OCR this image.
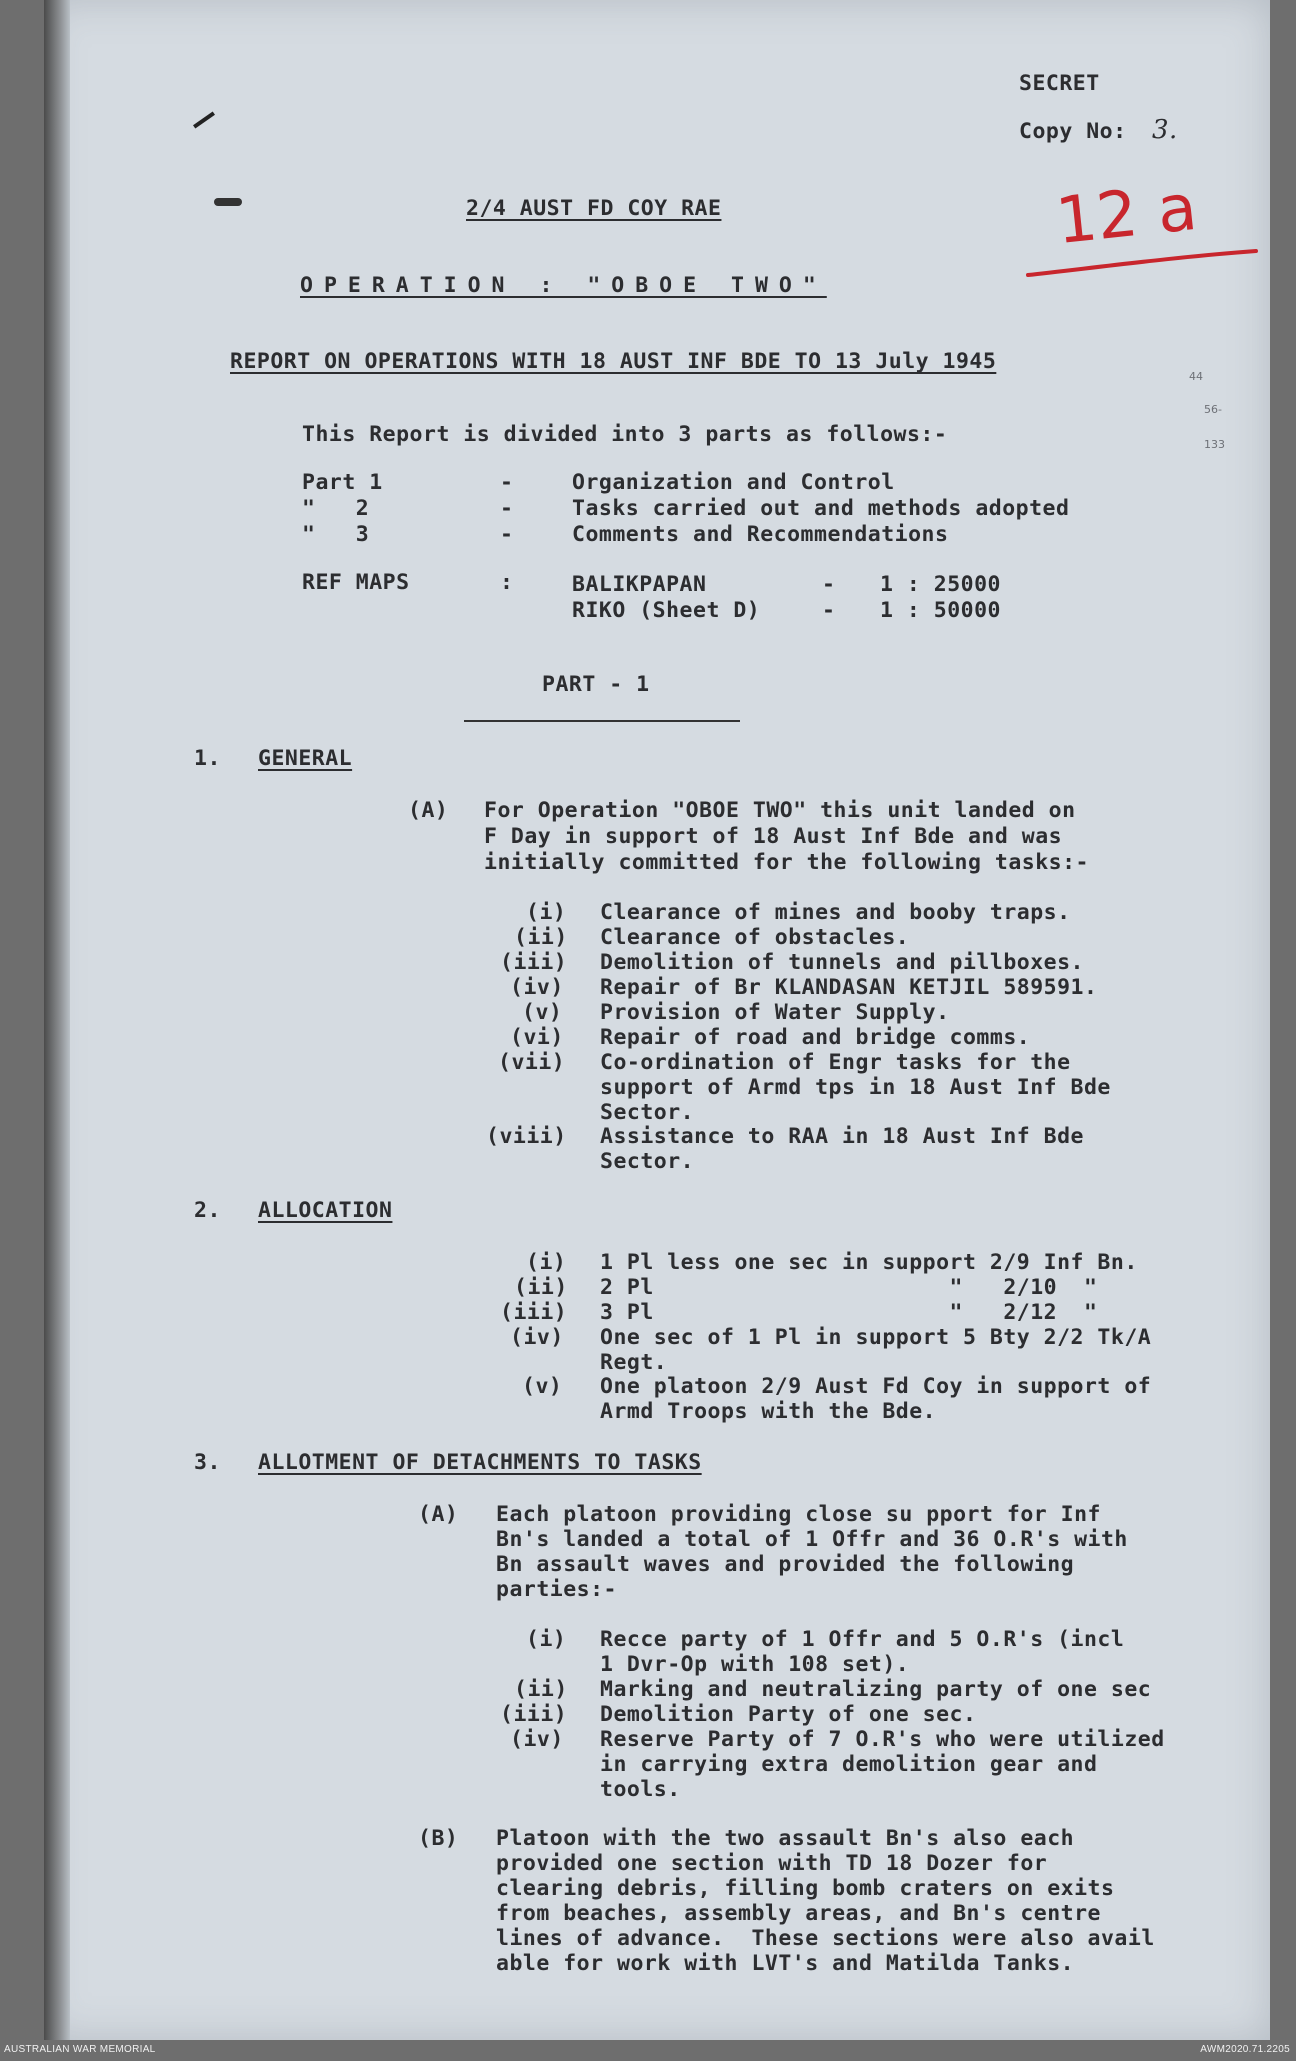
SECRET
Copy No: 3.
12 a
44
56-
133
2/4 AUST FD COY RAE
OPERATION : "OBOE TWO"
REPORT ON OPERATIONS WITH 18 AUST INF BDE TO 13 July 1945
This Report is divided into 3 parts as follows:-
Part 1	-	Organization and Control
"   2	-	Tasks carried out and methods adopted
"   3	-	Comments and Recommendations
REF MAPS	:	BALIKPAPAN	- 1 : 25000
RIKO (Sheet D)	- 1 : 50000
PART - 1
1. GENERAL
(A) For Operation "OBOE TWO" this unit landed on
F Day in support of 18 Aust Inf Bde and was
initially committed for the following tasks:-
(i) Clearance of mines and booby traps.
(ii) Clearance of obstacles.
(iii) Demolition of tunnels and pillboxes.
(iv) Repair of Br KLANDASAN KETJIL 589591.
(v) Provision of Water Supply.
(vi) Repair of road and bridge comms.
(vii) Co-ordination of Engr tasks for the
support of Armd tps in 18 Aust Inf Bde
Sector.
(viii) Assistance to RAA in 18 Aust Inf Bde
Sector.
2. ALLOCATION
(i) 1 Pl less one sec in support 2/9 Inf Bn.
(ii) 2 Pl                      "   2/10  "
(iii) 3 Pl                      "   2/12  "
(iv) One sec of 1 Pl in support 5 Bty 2/2 Tk/A
Regt.
(v) One platoon 2/9 Aust Fd Coy in support of
Armd Troops with the Bde.
3. ALLOTMENT OF DETACHMENTS TO TASKS
(A) Each platoon providing close su pport for Inf
Bn's landed a total of 1 Offr and 36 O.R's with
Bn assault waves and provided the following
parties:-
(i) Recce party of 1 Offr and 5 O.R's (incl
1 Dvr-Op with 108 set).
(ii) Marking and neutralizing party of one sec
(iii) Demolition Party of one sec.
(iv) Reserve Party of 7 O.R's who were utilized
in carrying extra demolition gear and
tools.
(B) Platoon with the two assault Bn's also each
provided one section with TD 18 Dozer for
clearing debris, filling bomb craters on exits
from beaches, assembly areas, and Bn's centre
lines of advance.  These sections were also avail
able for work with LVT's and Matilda Tanks.
AUSTRALIAN WAR MEMORIAL	AWM2020.71.2205
